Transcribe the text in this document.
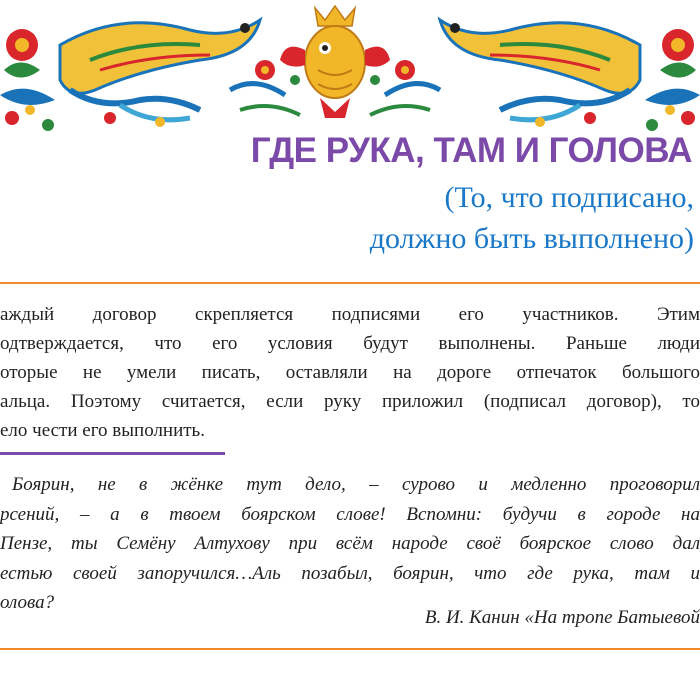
ГДЕ РУКА, ТАМ И ГОЛОВА
(То, что подписано,
должно быть выполнено)
аждый договор скрепляется подписями его участников. Этим
одтверждается, что его условия будут выполнены. Раньше люди
оторые не умели писать, оставляли на дороге отпечаток большого
альца. Поэтому считается, если руку приложил (подписал договор), то
ело чести его выполнить.
Боярин, не в жёнке тут дело, – сурово и медленно проговорил
рсений, – а в твоем боярском слове! Вспомни: будучи в городе на
Пензе, ты Семёну Алтухову при всём народе своё боярское слово дал
естью своей запоручился…Аль позабыл, боярин, что где рука, там и
олова?
В. И. Канин «На тропе Батыевой
